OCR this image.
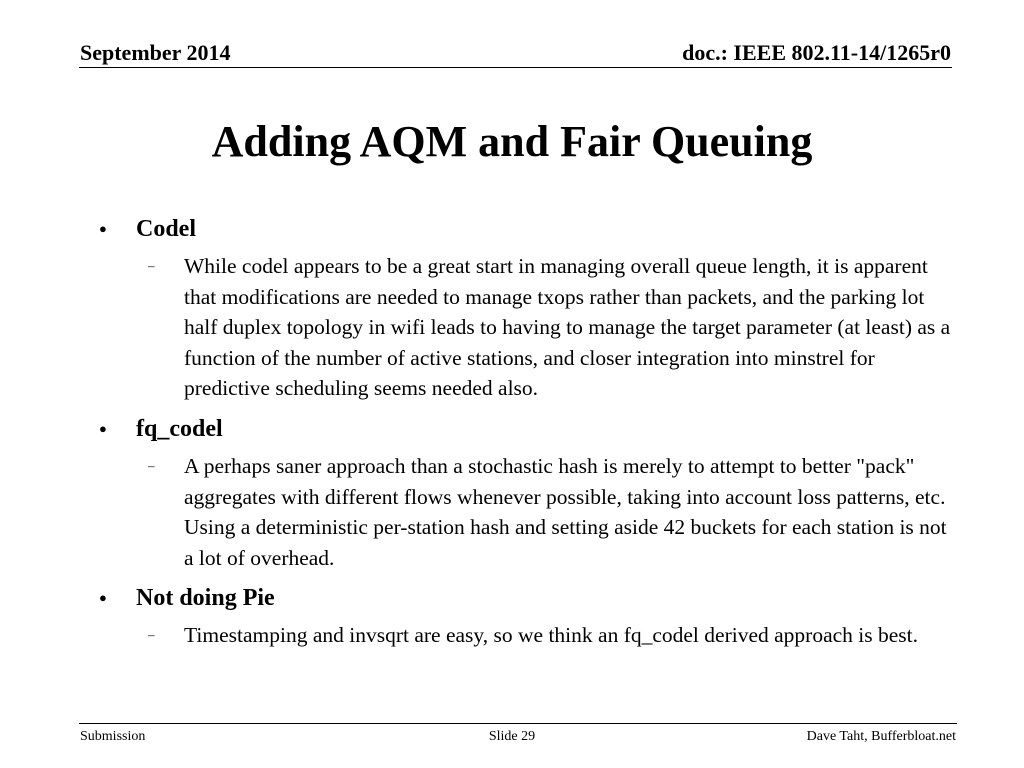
September 2014	doc.: IEEE 802.11-14/1265r0
Adding AQM and Fair Queuing
● Codel
– While codel appears to be a great start in managing overall queue length, it is apparent that modifications are needed to manage txops rather than packets, and the parking lot half duplex topology in wifi leads to having to manage the target parameter (at least) as a function of the number of active stations, and closer integration into minstrel for predictive scheduling seems needed also.
● fq_codel
– A perhaps saner approach than a stochastic hash is merely to attempt to better "pack" aggregates with different flows whenever possible, taking into account loss patterns, etc. Using a deterministic per-station hash and setting aside 42 buckets for each station is not a lot of overhead.
● Not doing Pie
– Timestamping and invsqrt are easy, so we think an fq_codel derived approach is best.
Submission	Slide 29	Dave Taht, Bufferbloat.net
